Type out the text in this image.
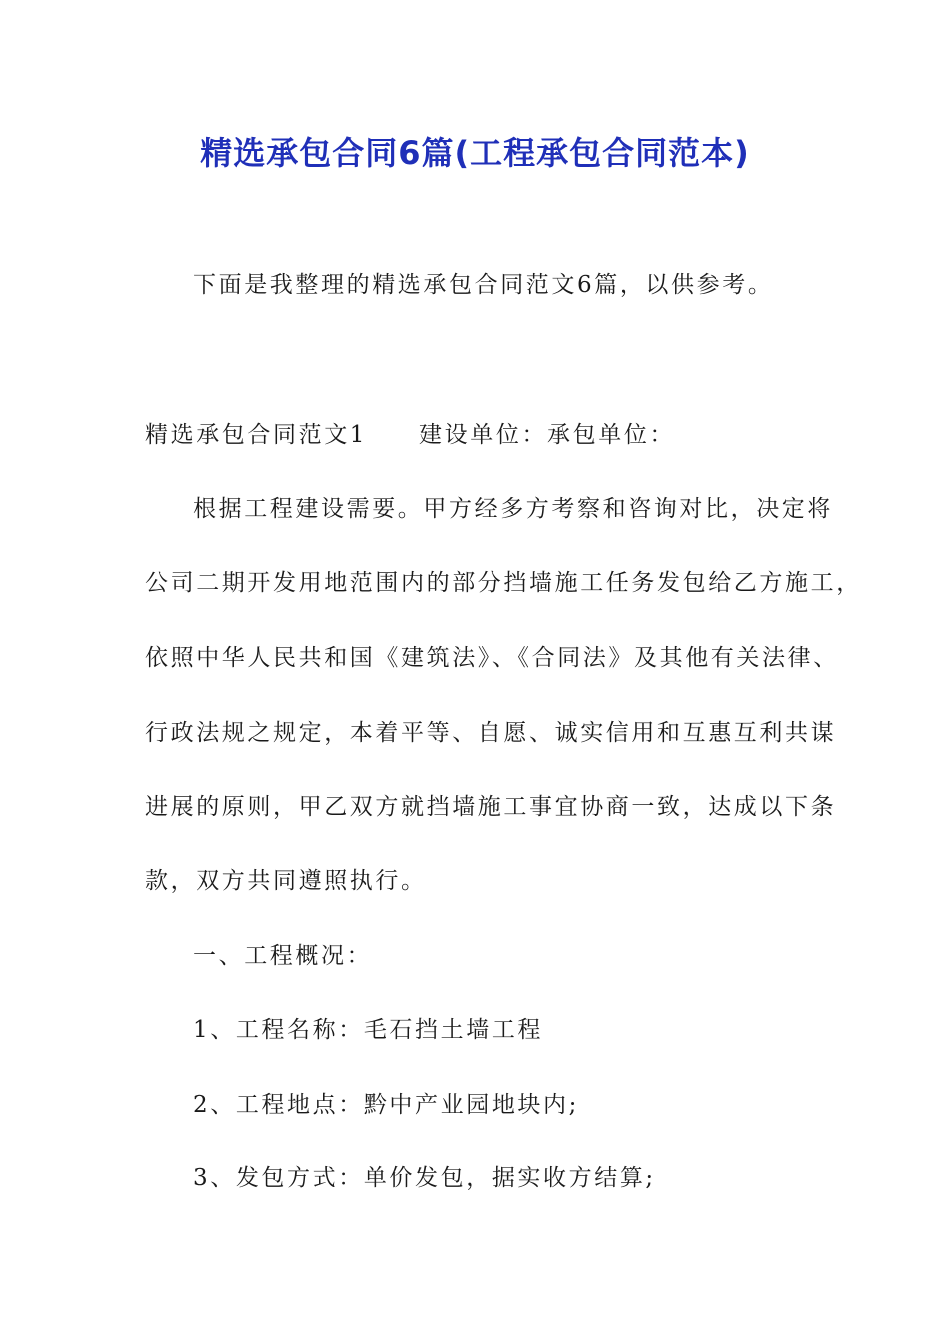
精选承包合同6篇(工程承包合同范本)
下面是我整理的精选承包合同范文6篇，以供参考。
精选承包合同范文1 建设单位：承包单位：
根据工程建设需要。甲方经多方考察和咨询对比，决定将
公司二期开发用地范围内的部分挡墙施工任务发包给乙方施工，
依照中华人民共和国《建筑法》、《合同法》及其他有关法律、
行政法规之规定，本着平等、自愿、诚实信用和互惠互利共谋
进展的原则，甲乙双方就挡墙施工事宜协商一致，达成以下条
款，双方共同遵照执行。
一、工程概况：
1、工程名称：毛石挡土墙工程
2、工程地点：黔中产业园地块内;
3、发包方式：单价发包，据实收方结算;
